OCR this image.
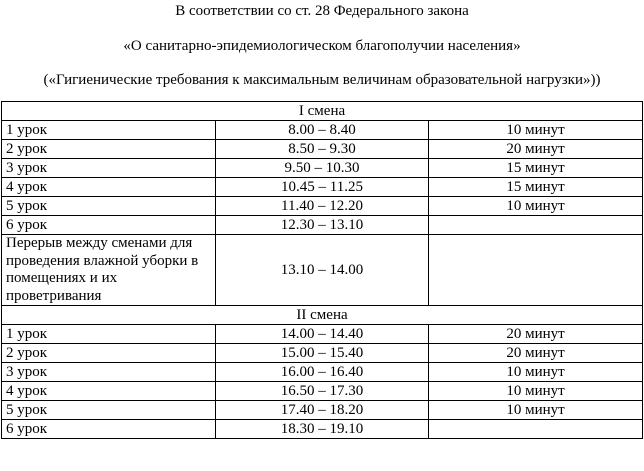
В соответствии со ст. 28 Федерального закона
«О санитарно-эпидемиологическом благополучии населения»
(«Гигиенические требования к максимальным величинам образовательной нагрузки»))
I смена		
1 урок	8.00 – 8.40	10 минут
2 урок	8.50 – 9.30	20 минут
3 урок	9.50 – 10.30	15 минут
4 урок	10.45 – 11.25	15 минут
5 урок	11.40 – 12.20	10 минут
6 урок	12.30 – 13.10	
Перерыв между сменами для проведения влажной уборки в помещениях и их проветривания	13.10 – 14.00	
II смена		
1 урок	14.00 – 14.40	20 минут
2 урок	15.00 – 15.40	20 минут
3 урок	16.00 – 16.40	10 минут
4 урок	16.50 – 17.30	10 минут
5 урок	17.40 – 18.20	10 минут
6 урок	18.30 – 19.10	
